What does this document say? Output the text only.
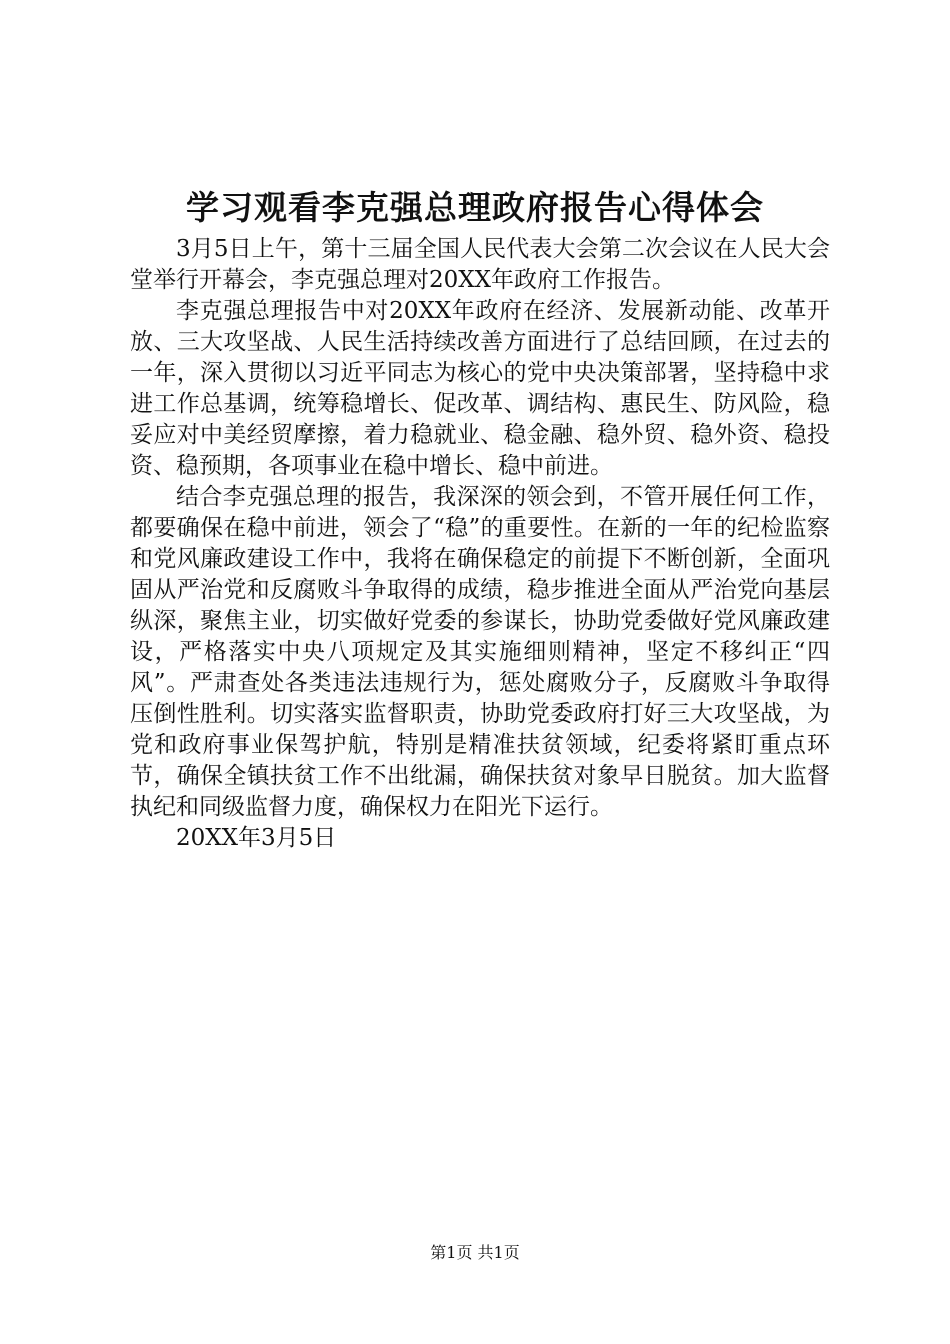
学习观看李克强总理政府报告心得体会

3月5日上午，第十三届全国人民代表大会第二次会议在人民大会堂举行开幕会，李克强总理对20XX年政府工作报告。

李克强总理报告中对20XX年政府在经济、发展新动能、改革开放、三大攻坚战、人民生活持续改善方面进行了总结回顾，在过去的一年，深入贯彻以习近平同志为核心的党中央决策部署，坚持稳中求进工作总基调，统筹稳增长、促改革、调结构、惠民生、防风险，稳妥应对中美经贸摩擦，着力稳就业、稳金融、稳外贸、稳外资、稳投资、稳预期，各项事业在稳中增长、稳中前进。

结合李克强总理的报告，我深深的领会到，不管开展任何工作，都要确保在稳中前进，领会了“稳”的重要性。在新的一年的纪检监察和党风廉政建设工作中，我将在确保稳定的前提下不断创新，全面巩固从严治党和反腐败斗争取得的成绩，稳步推进全面从严治党向基层纵深，聚焦主业，切实做好党委的参谋长，协助党委做好党风廉政建设，严格落实中央八项规定及其实施细则精神，坚定不移纠正“四风”。严肃查处各类违法违规行为，惩处腐败分子，反腐败斗争取得压倒性胜利。切实落实监督职责，协助党委政府打好三大攻坚战，为党和政府事业保驾护航，特别是精准扶贫领域，纪委将紧盯重点环节，确保全镇扶贫工作不出纰漏，确保扶贫对象早日脱贫。加大监督执纪和同级监督力度，确保权力在阳光下运行。

20XX年3月5日

第1页 共1页
